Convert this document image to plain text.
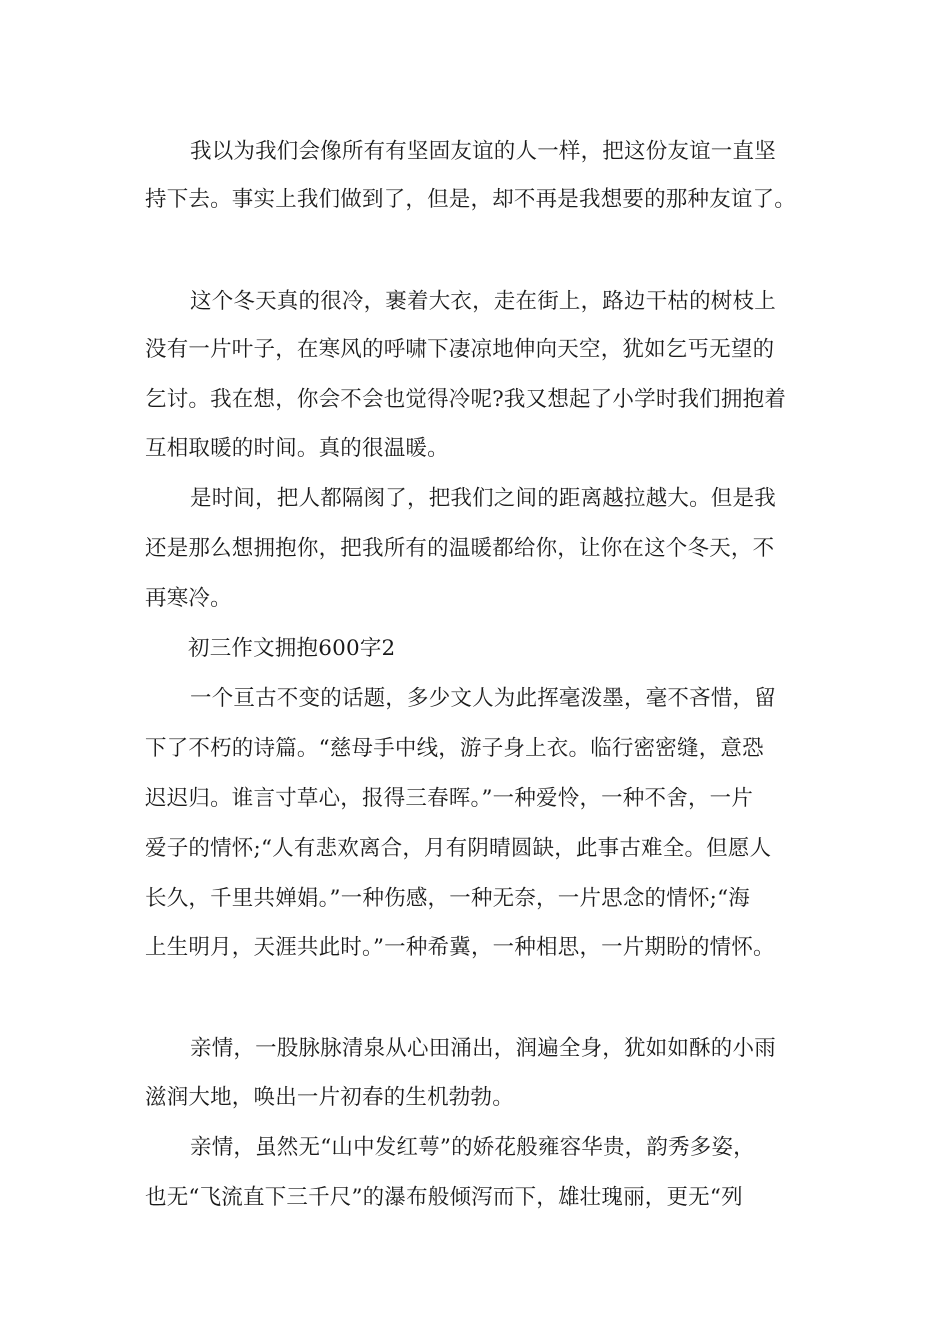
我以为我们会像所有有坚固友谊的人一样，把这份友谊一直坚
持下去。事实上我们做到了，但是，却不再是我想要的那种友谊了。
这个冬天真的很冷，裹着大衣，走在街上，路边干枯的树枝上
没有一片叶子，在寒风的呼啸下凄凉地伸向天空，犹如乞丐无望的
乞讨。我在想，你会不会也觉得冷呢?我又想起了小学时我们拥抱着
互相取暖的时间。真的很温暖。
是时间，把人都隔阂了，把我们之间的距离越拉越大。但是我
还是那么想拥抱你，把我所有的温暖都给你，让你在这个冬天，不
再寒冷。
初三作文拥抱600字2
一个亘古不变的话题，多少文人为此挥毫泼墨，毫不吝惜，留
下了不朽的诗篇。“慈母手中线，游子身上衣。临行密密缝，意恐
迟迟归。谁言寸草心，报得三春晖。”一种爱怜，一种不舍，一片
爱子的情怀;“人有悲欢离合，月有阴晴圆缺，此事古难全。但愿人
长久，千里共婵娟。”一种伤感，一种无奈，一片思念的情怀;“海
上生明月，天涯共此时。”一种希冀，一种相思，一片期盼的情怀。
亲情，一股脉脉清泉从心田涌出，润遍全身，犹如如酥的小雨
滋润大地，唤出一片初春的生机勃勃。
亲情，虽然无“山中发红萼”的娇花般雍容华贵，韵秀多姿，
也无“飞流直下三千尺”的瀑布般倾泻而下，雄壮瑰丽，更无“列
